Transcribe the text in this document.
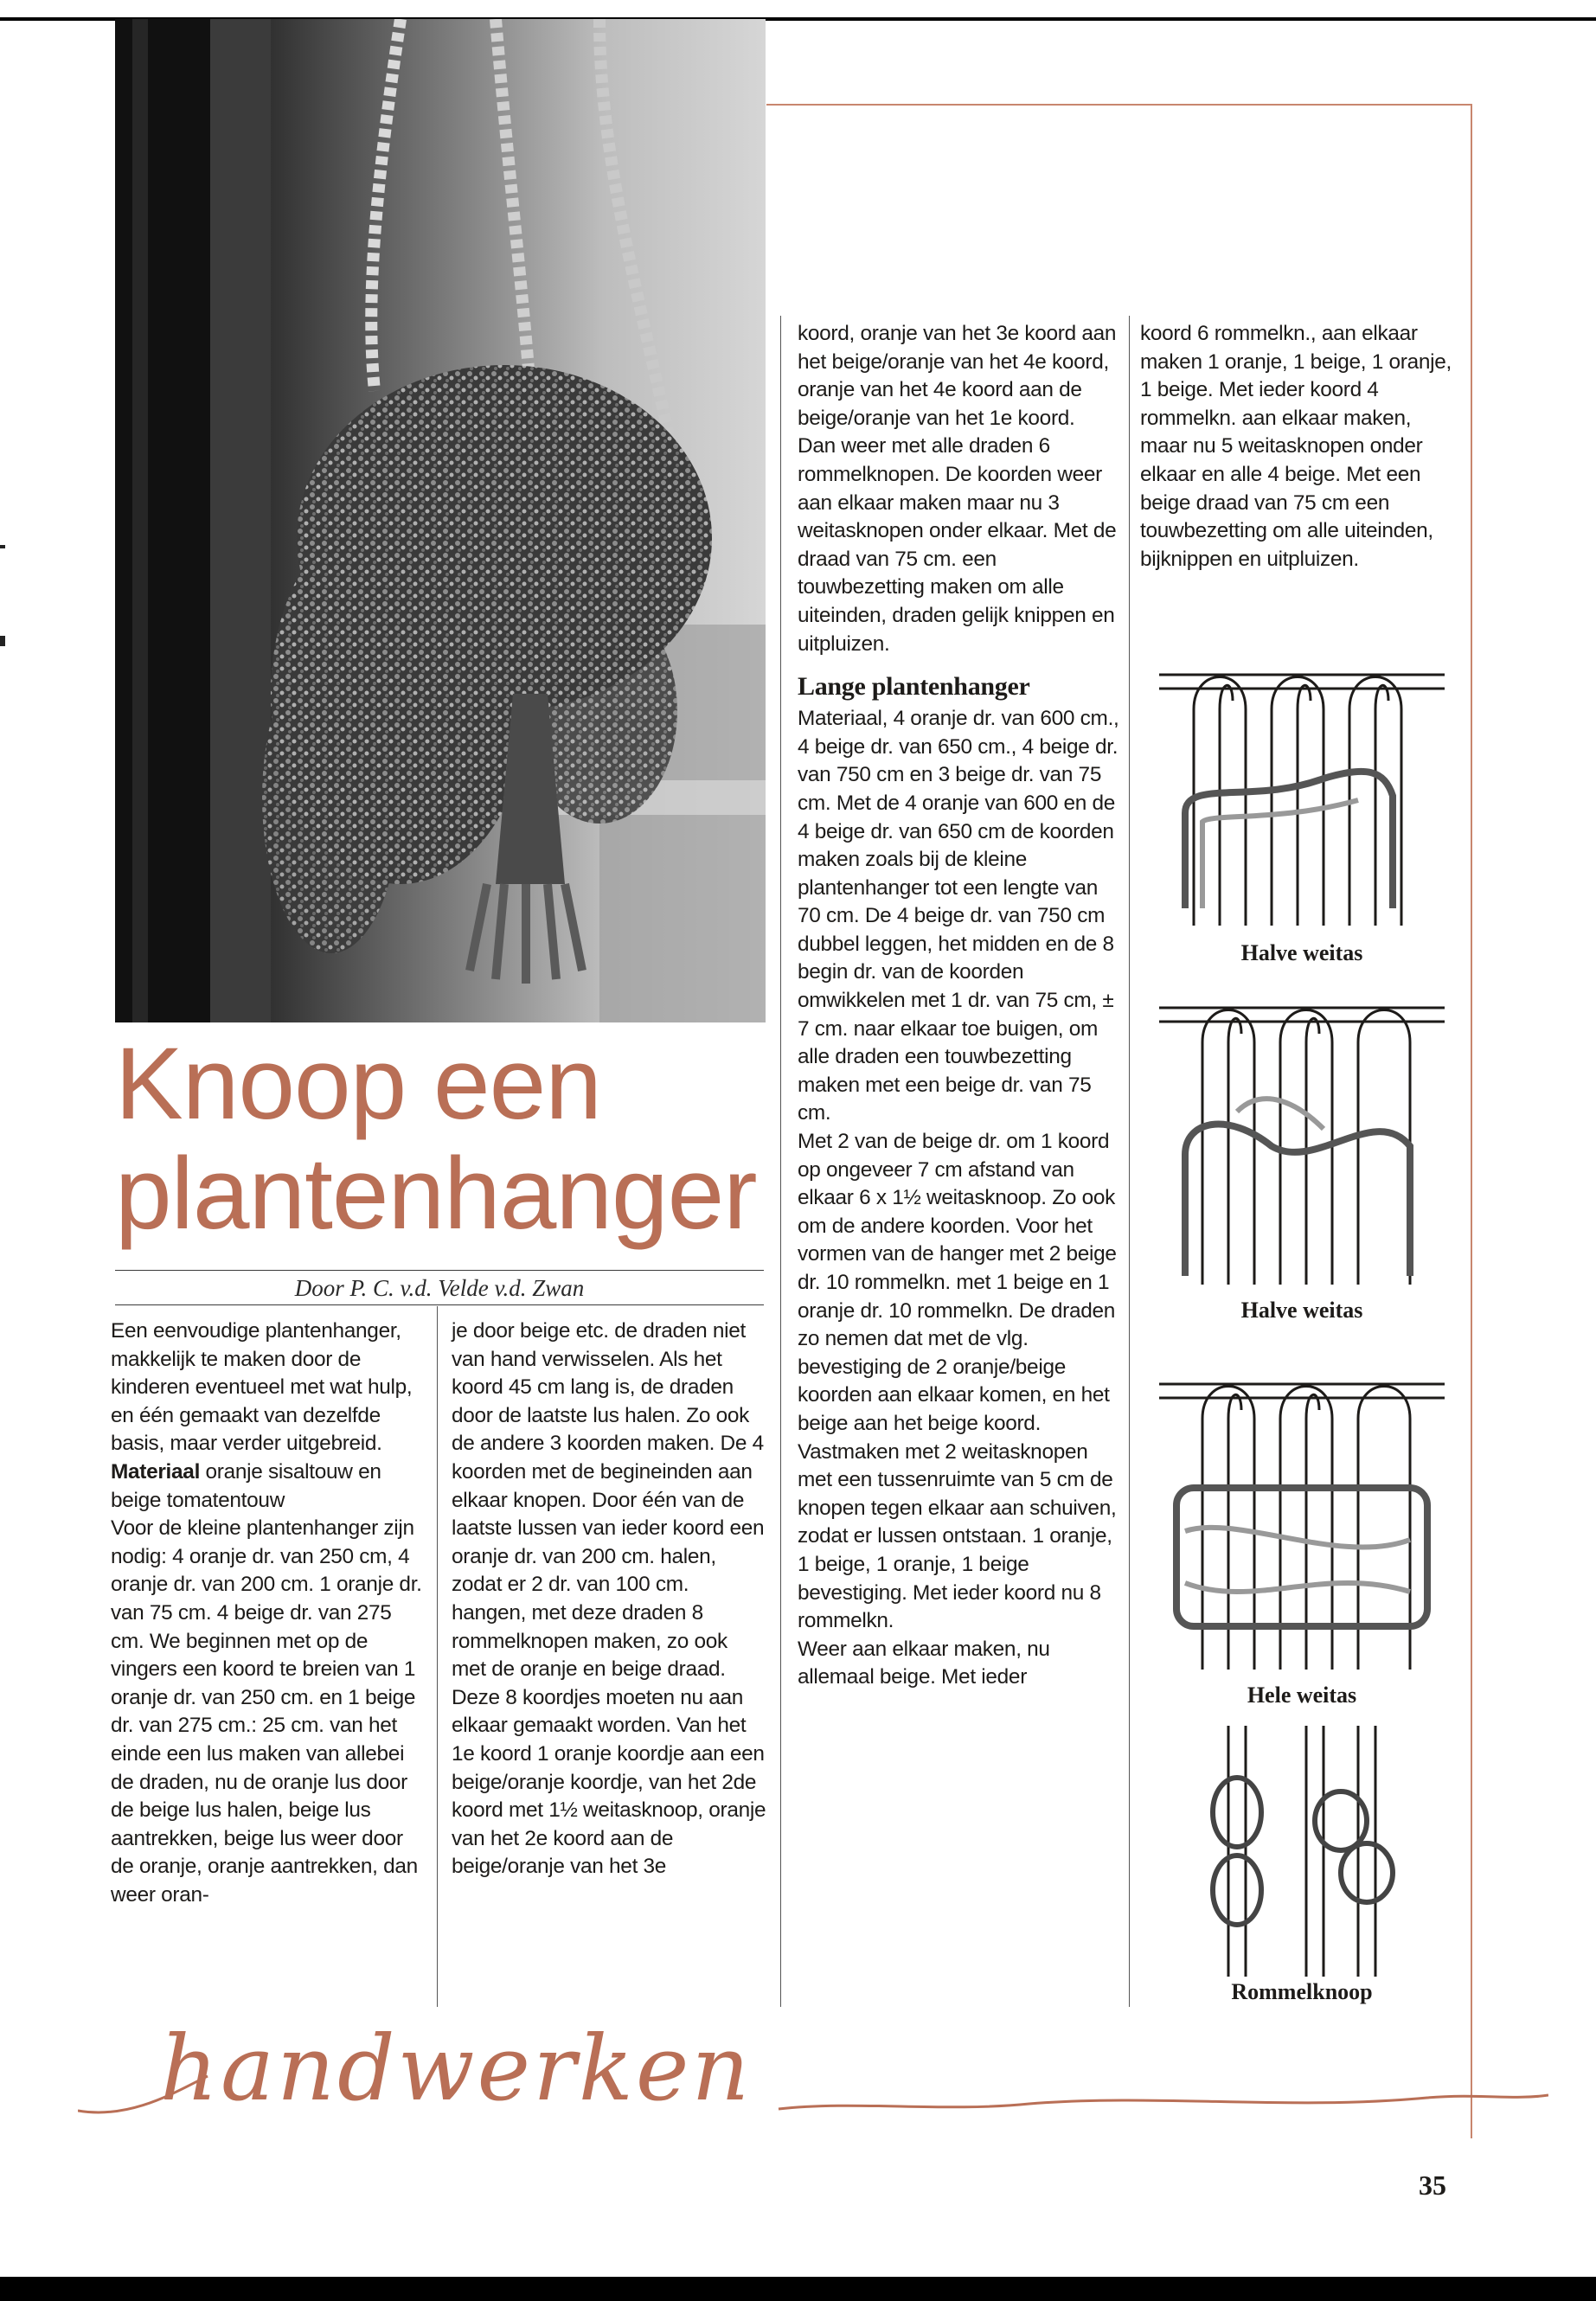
Knoop een
plantenhanger
Door P. C. v.d. Velde v.d. Zwan

Een eenvoudige plantenhanger, makkelijk te maken door de kinderen eventueel met wat hulp, en één gemaakt van dezelfde basis, maar verder uitgebreid.

Materiaal oranje sisaltouw en beige tomatentouw

Voor de kleine plantenhanger zijn nodig: 4 oranje dr. van 250 cm, 4 oranje dr. van 200 cm. 1 oranje dr. van 75 cm. 4 beige dr. van 275 cm. We beginnen met op de vingers een koord te breien van 1 oranje dr. van 250 cm. en 1 beige dr. van 275 cm.: 25 cm. van het einde een lus maken van allebei de draden, nu de oranje lus door de beige lus halen, beige lus aantrekken, beige lus weer door de oranje, oranje aantrekken, dan weer oran-

je door beige etc. de draden niet van hand verwisselen. Als het koord 45 cm lang is, de draden door de laatste lus halen. Zo ook de andere 3 koorden maken. De 4 koorden met de begineinden aan elkaar knopen. Door één van de laatste lussen van ieder koord een oranje dr. van 200 cm. halen, zodat er 2 dr. van 100 cm. hangen, met deze draden 8 rommelknopen maken, zo ook met de oranje en beige draad. Deze 8 koordjes moeten nu aan elkaar gemaakt worden. Van het 1e koord 1 oranje koordje aan een beige/oranje koordje, van het 2de koord met 1½ weitasknoop, oranje van het 2e koord aan de beige/oranje van het 3e

koord, oranje van het 3e koord aan het beige/oranje van het 4e koord, oranje van het 4e koord aan de beige/oranje van het 1e koord.

Dan weer met alle draden 6 rommelknopen. De koorden weer aan elkaar maken maar nu 3 weitasknopen onder elkaar. Met de draad van 75 cm. een touwbezetting maken om alle uiteinden, draden gelijk knippen en uitpluizen.

Lange plantenhanger

Materiaal, 4 oranje dr. van 600 cm., 4 beige dr. van 650 cm., 4 beige dr. van 750 cm en 3 beige dr. van 75 cm. Met de 4 oranje van 600 en de 4 beige dr. van 650 cm de koorden maken zoals bij de kleine plantenhanger tot een lengte van 70 cm. De 4 beige dr. van 750 cm dubbel leggen, het midden en de 8 begin dr. van de koorden omwikkelen met 1 dr. van 75 cm, ± 7 cm. naar elkaar toe buigen, om alle draden een touwbezetting maken met een beige dr. van 75 cm.

Met 2 van de beige dr. om 1 koord op ongeveer 7 cm afstand van elkaar 6 x 1½ weitasknoop. Zo ook om de andere koorden. Voor het vormen van de hanger met 2 beige dr. 10 rommelkn. met 1 beige en 1 oranje dr. 10 rommelkn. De draden zo nemen dat met de vlg. bevestiging de 2 oranje/beige koorden aan elkaar komen, en het beige aan het beige koord. Vastmaken met 2 weitasknopen met een tussenruimte van 5 cm de knopen tegen elkaar aan schuiven, zodat er lussen ontstaan. 1 oranje, 1 beige, 1 oranje, 1 beige bevestiging. Met ieder koord nu 8 rommelkn.

Weer aan elkaar maken, nu allemaal beige. Met ieder

koord 6 rommelkn., aan elkaar maken 1 oranje, 1 beige, 1 oranje, 1 beige. Met ieder koord 4 rommelkn. aan elkaar maken, maar nu 5 weitasknopen onder elkaar en alle 4 beige. Met een beige draad van 75 cm een touwbezetting om alle uiteinden, bijknippen en uitpluizen.

Halve weitas
Halve weitas
Hele weitas
Rommelknoop
handwerken
35
